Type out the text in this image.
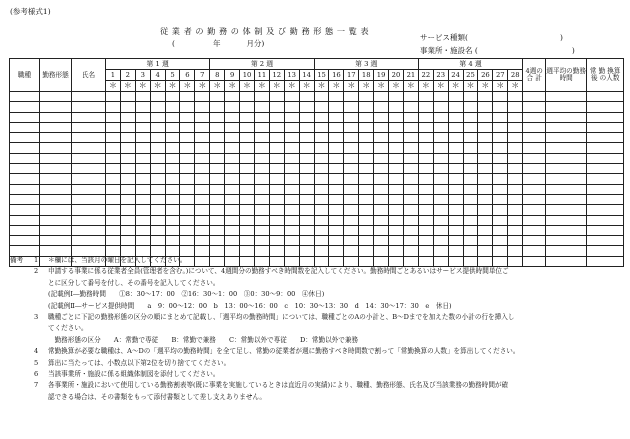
(参考様式1)
従業者の勤務の体制及び勤務形態一覧表
(	年	月分)
サービス種類(	)
事業所・施設名 (	)
職種	勤務形態	氏名	第 1 週							第 2 週							第 3 週							第 4 週							4週の合 計	週平均の勤務時間	常 勤 換算後 の人数
			1	2	3	4	5	6	7	8	9	10	11	12	13	14	15	16	17	18	19	20	21	22	23	24	25	26	27	28			
			＊	＊	＊	＊	＊	＊	＊	＊	＊	＊	＊	＊	＊	＊	＊	＊	＊	＊	＊	＊	＊	＊	＊	＊	＊	＊	＊	＊			

備考 1 ＊欄には、当該月の曜日を記入してください。
2 申請する事業に係る従業者全員(管理者を含む。)について、4週間分の勤務すべき時間数を記入してください。勤務時間ごとあるいはサービス提供時間単位ご
とに区分して番号を付し、その番号を記入してください。
(記載例Ⅰ―勤務時間　　①8：30～17：00　②16：30～1：00　③0：30～9：00　④休日)
(記載例Ⅱ―サービス提供時間　　a　9：00～12：00　b　13：00～16：00　c　10：30～13：30　d　14：30～17：30　e　休日)
3 職種ごとに下記の勤務形態の区分の順にまとめて記載し、「週平均の勤務時間」については、職種ごとのAの小計と、B～Dまでを加えた数の小計の行を挿入し
てください。
　勤務形態の区分　　A：常勤で専従　　B：常勤で兼務　　C：常勤以外で専従　　D：常勤以外で兼務
4 常勤換算が必要な職種は、A～Dの「週平均の勤務時間」を全て足し、常勤の従業者が週に勤務すべき時間数で割って「常勤換算の人数」を算出してください。
5 算出に当たっては、小数点以下第2位を切り捨ててください。
6 当該事業所・施設に係る組織体制図を添付してください。
7 各事業所・施設において使用している勤務割表等(既に事業を実施しているときは直近月の実績)により、職種、勤務形態、氏名及び当該業務の勤務時間が確
認できる場合は、その書類をもって添付書類として差し支えありません。
